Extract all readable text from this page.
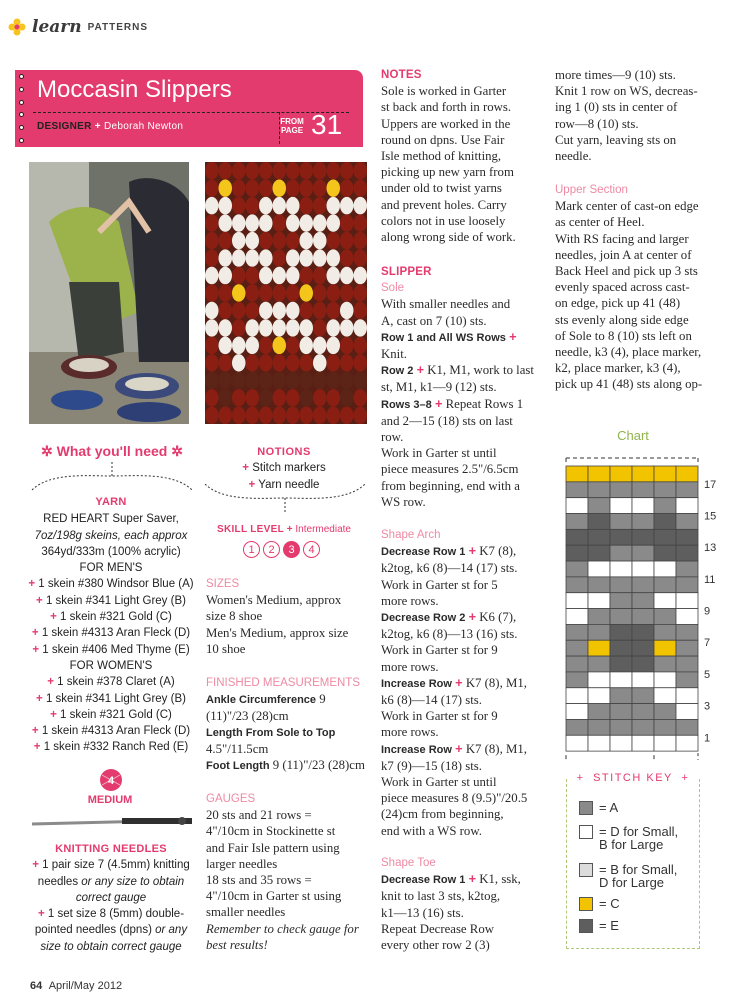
learn PATTERNS
Moccasin Slippers
DESIGNER + Deborah Newton	FROM PAGE 31
✲ What you'll need ✲
YARN
RED HEART Super Saver,
7oz/198g skeins, each approx
364yd/333m (100% acrylic)
FOR MEN'S
+ 1 skein #380 Windsor Blue (A)
+ 1 skein #341 Light Grey (B)
+ 1 skein #321 Gold (C)
+ 1 skein #4313 Aran Fleck (D)
+ 1 skein #406 Med Thyme (E)
FOR WOMEN'S
+ 1 skein #378 Claret (A)
+ 1 skein #341 Light Grey (B)
+ 1 skein #321 Gold (C)
+ 1 skein #4313 Aran Fleck (D)
+ 1 skein #332 Ranch Red (E)
4
MEDIUM
KNITTING NEEDLES
+ 1 pair size 7 (4.5mm) knitting
needles or any size to obtain
correct gauge
+ 1 set size 8 (5mm) double-
pointed needles (dpns) or any
size to obtain correct gauge
NOTIONS
+ Stitch markers
+ Yarn needle
SKILL LEVEL + Intermediate
1	2	3	4
SIZES
Women's Medium, approx
size 8 shoe
Men's Medium, approx size
10 shoe
FINISHED MEASUREMENTS
Ankle Circumference 9
(11)"/23 (28)cm
Length From Sole to Top
4.5"/11.5cm
Foot Length 9 (11)"/23 (28)cm
GAUGES
20 sts and 21 rows =
4"/10cm in Stockinette st
and Fair Isle pattern using
larger needles
18 sts and 35 rows =
4"/10cm in Garter st using
smaller needles
Remember to check gauge for
best results!
NOTES
Sole is worked in Garter
st back and forth in rows.
Uppers are worked in the
round on dpns. Use Fair
Isle method of knitting,
picking up new yarn from
under old to twist yarns
and prevent holes. Carry
colors not in use loosely
along wrong side of work.
SLIPPER
Sole
With smaller needles and
A, cast on 7 (10) sts.
Row 1 and All WS Rows +
Knit.
Row 2 + K1, M1, work to last
st, M1, k1—9 (12) sts.
Rows 3–8 + Repeat Rows 1
and 2—15 (18) sts on last
row.
Work in Garter st until
piece measures 2.5"/6.5cm
from beginning, end with a
WS row.
Shape Arch
Decrease Row 1 + K7 (8),
k2tog, k6 (8)—14 (17) sts.
Work in Garter st for 5
more rows.
Decrease Row 2 + K6 (7),
k2tog, k6 (8)—13 (16) sts.
Work in Garter st for 9
more rows.
Increase Row + K7 (8), M1,
k6 (8)—14 (17) sts.
Work in Garter st for 9
more rows.
Increase Row + K7 (8), M1,
k7 (9)—15 (18) sts.
Work in Garter st until
piece measures 8 (9.5)"/20.5
(24)cm from beginning,
end with a WS row.
Shape Toe
Decrease Row 1 + K1, ssk,
knit to last 3 sts, k2tog,
k1—13 (16) sts.
Repeat Decrease Row
every other row 2 (3)
more times—9 (10) sts.
Knit 1 row on WS, decreas-
ing 1 (0) sts in center of
row—8 (10) sts.
Cut yarn, leaving sts on
needle.
Upper Section
Mark center of cast-on edge
as center of Heel.
With RS facing and larger
needles, join A at center of
Back Heel and pick up 3 sts
evenly spaced across cast-
on edge, pick up 41 (48)
sts evenly along side edge
of Sole to 8 (10) sts left on
needle, k3 (4), place marker,
k2, place marker, k3 (4),
pick up 41 (48) sts along op-
Chart
17
15
13
11
9
7
5
3
1
+ STITCH KEY +
= A
= D for Small,
B for Large
= B for Small,
D for Large
= C
= E
64 April/May 2012
